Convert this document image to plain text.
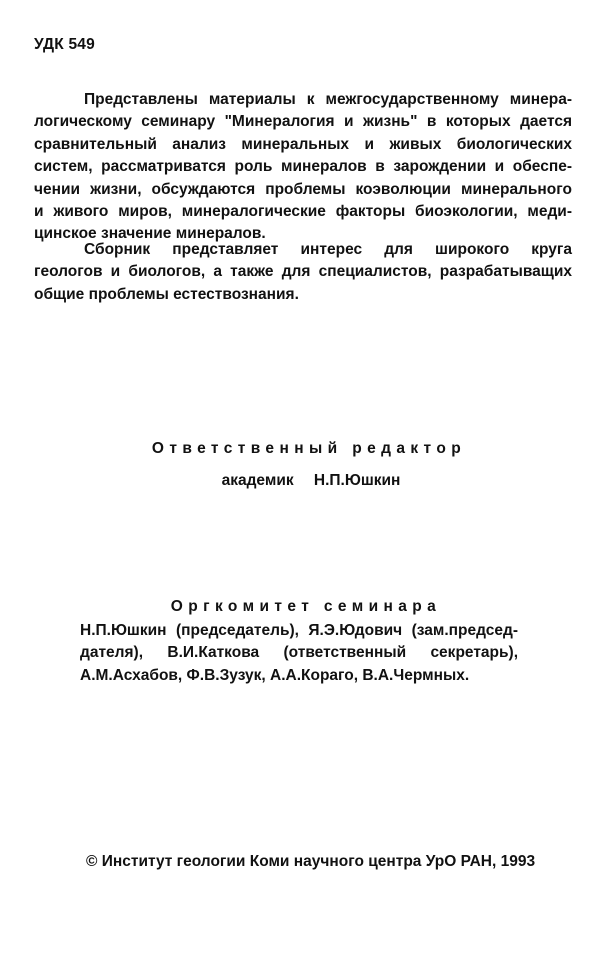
УДК 549
Представлены материалы к межгосударственному минера-
логическому семинару "Минералогия и жизнь" в которых дается
сравнительный анализ минеральных и живых биологических
систем, рассматриватся роль минералов в зарождении и обеспе-
чении жизни, обсуждаются проблемы коэволюции минерального
и живого миров, минералогические факторы биоэкологии, меди-
цинское значение минералов.
Сборник представляет интерес для широкого круга
геологов и биологов, а также для специалистов, разрабатыващих
общие проблемы естествознания.
Ответственный редактор
академик Н.П.Юшкин
Оргкомитет семинара
Н.П.Юшкин (председатель), Я.Э.Юдович (зам.председ-
дателя), В.И.Каткова (ответственный секретарь),
А.М.Асхабов, Ф.В.Зузук, А.А.Кораго, В.А.Чермных.
© Институт геологии Коми научного центра УрО РАН, 1993
